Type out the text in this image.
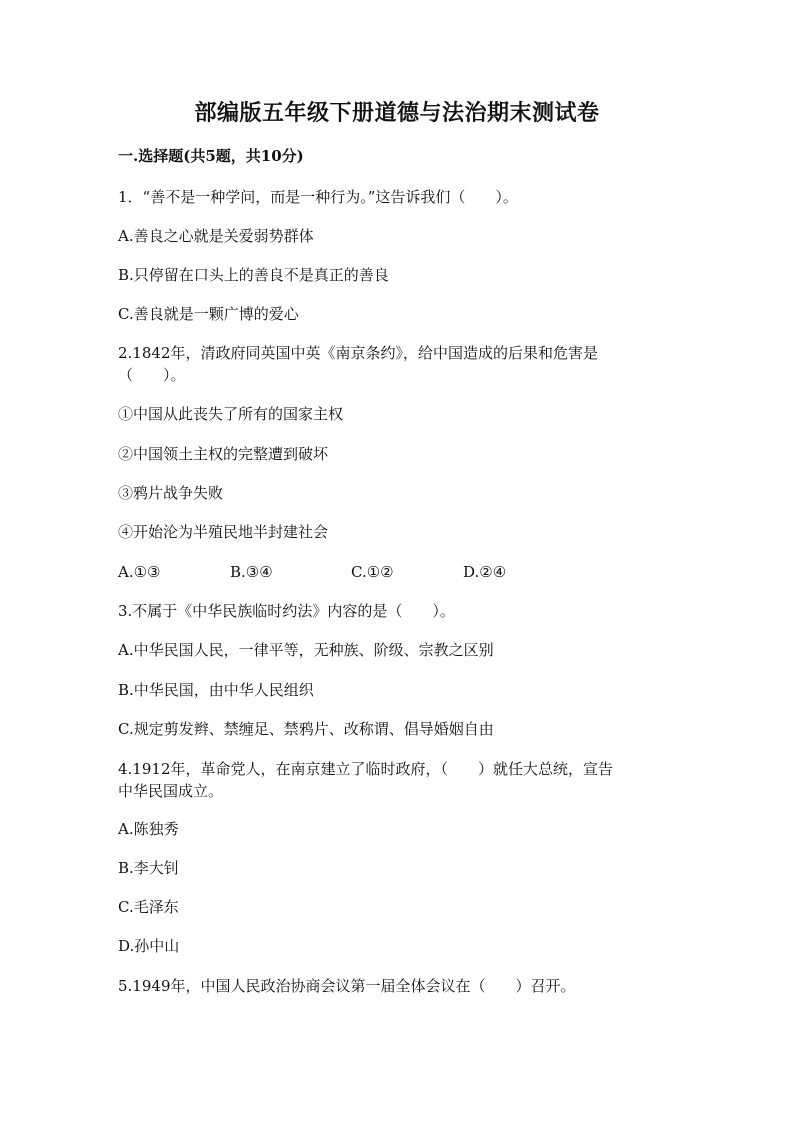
部编版五年级下册道德与法治期末测试卷
一.选择题(共5题，共10分)
1．“善不是一种学问，而是一种行为。”这告诉我们（　　）。
A.善良之心就是关爱弱势群体
B.只停留在口头上的善良不是真正的善良
C.善良就是一颗广博的爱心
2.1842年，清政府同英国中英《南京条约》，给中国造成的后果和危害是
（　　）。
①中国从此丧失了所有的国家主权
②中国领土主权的完整遭到破坏
③鸦片战争失败
④开始沦为半殖民地半封建社会
A.①③	B.③④	C.①②	D.②④
3.不属于《中华民族临时约法》内容的是（　　）。
A.中华民国人民，一律平等，无种族、阶级、宗教之区别
B.中华民国，由中华人民组织
C.规定剪发辫、禁缠足、禁鸦片、改称谓、倡导婚姻自由
4.1912年，革命党人，在南京建立了临时政府，（　　）就任大总统，宣告
中华民国成立。
A.陈独秀
B.李大钊
C.毛泽东
D.孙中山
5.1949年，中国人民政治协商会议第一届全体会议在（　　）召开。
